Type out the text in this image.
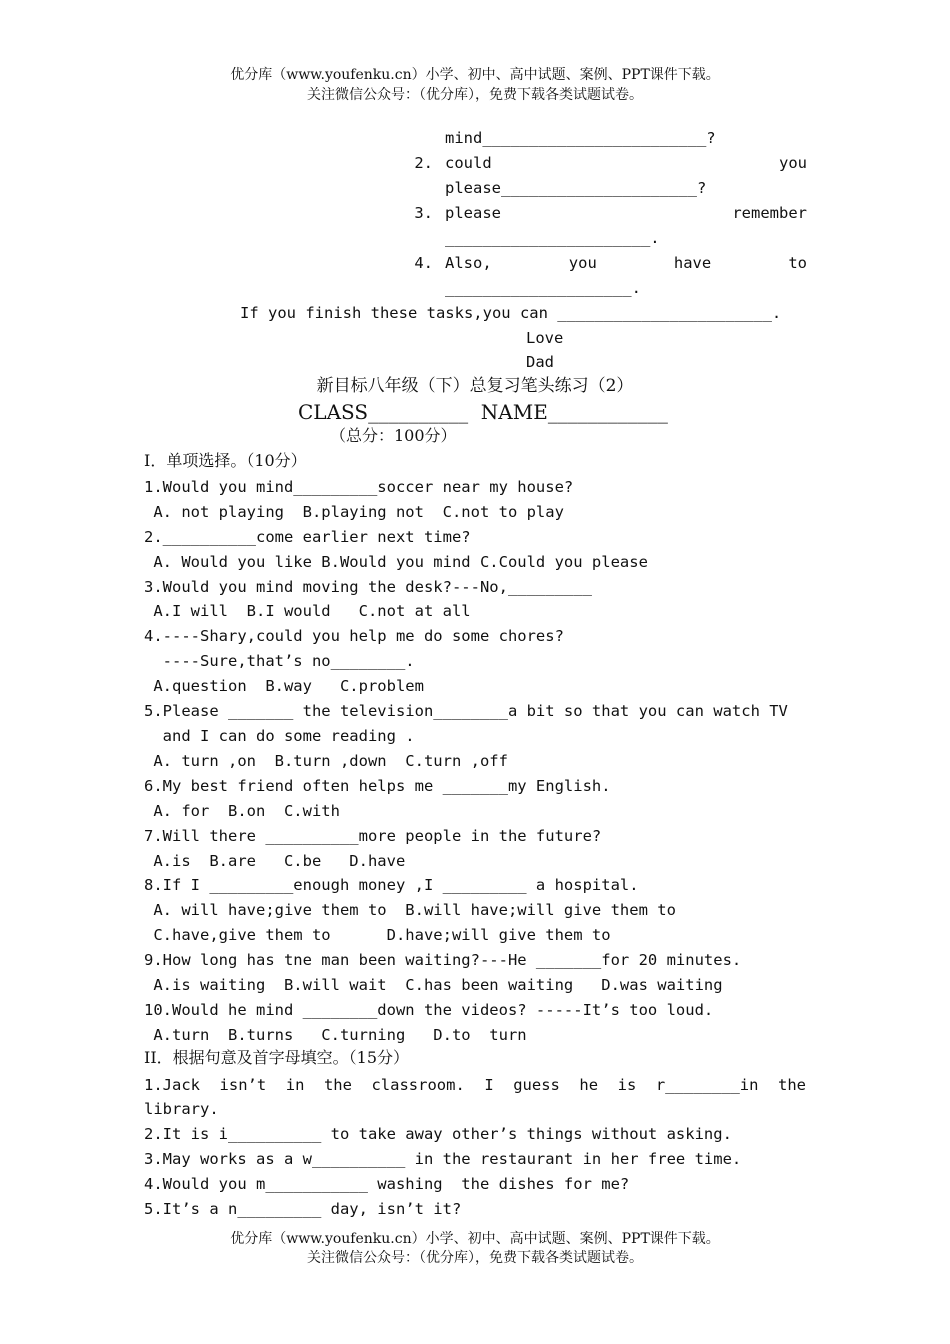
优分库（www.youfenku.cn）小学、初中、高中试题、案例、PPT课件下载。
关注微信公众号：（优分库），免费下载各类试题试卷。
mind________________________?
2. could	you
please_____________________?
3. please	remember
______________________.
4. Also,	you	have	to
____________________.
If you finish these tasks,you can _______________________.
Love
Dad
新目标八年级（下）总复习笔头练习（2）
CLASS__________  NAME____________
（总分：100分）
I．单项选择。（10分）
1.Would you mind_________soccer near my house?
A. not playing  B.playing not  C.not to play
2.__________come earlier next time?
A. Would you like B.Would you mind C.Could you please
3.Would you mind moving the desk?---No,_________
A.I will  B.I would   C.not at all
4.----Shary,could you help me do some chores?
----Sure,that’s no________.
A.question  B.way   C.problem
5.Please _______ the television________a bit so that you can watch TV
and I can do some reading .
A. turn ,on  B.turn ,down  C.turn ,off
6.My best friend often helps me _______my English.
A. for  B.on  C.with
7.Will there __________more people in the future?
A.is  B.are   C.be   D.have
8.If I _________enough money ,I _________ a hospital.
A. will have;give them to  B.will have;will give them to
C.have,give them to      D.have;will give them to
9.How long has tne man been waiting?---He _______for 20 minutes.
A.is waiting  B.will wait  C.has been waiting   D.was waiting
10.Would he mind ________down the videos? -----It’s too loud.
A.turn  B.turns   C.turning   D.to  turn
II．根据句意及首字母填空。（15分）
1.Jack isn’t in the classroom. I guess he is r________in the
library.
2.It is i__________ to take away other’s things without asking.
3.May works as a w__________ in the restaurant in her free time.
4.Would you m___________ washing  the dishes for me?
5.It’s a n_________ day, isn’t it?
优分库（www.youfenku.cn）小学、初中、高中试题、案例、PPT课件下载。
关注微信公众号：（优分库），免费下载各类试题试卷。
